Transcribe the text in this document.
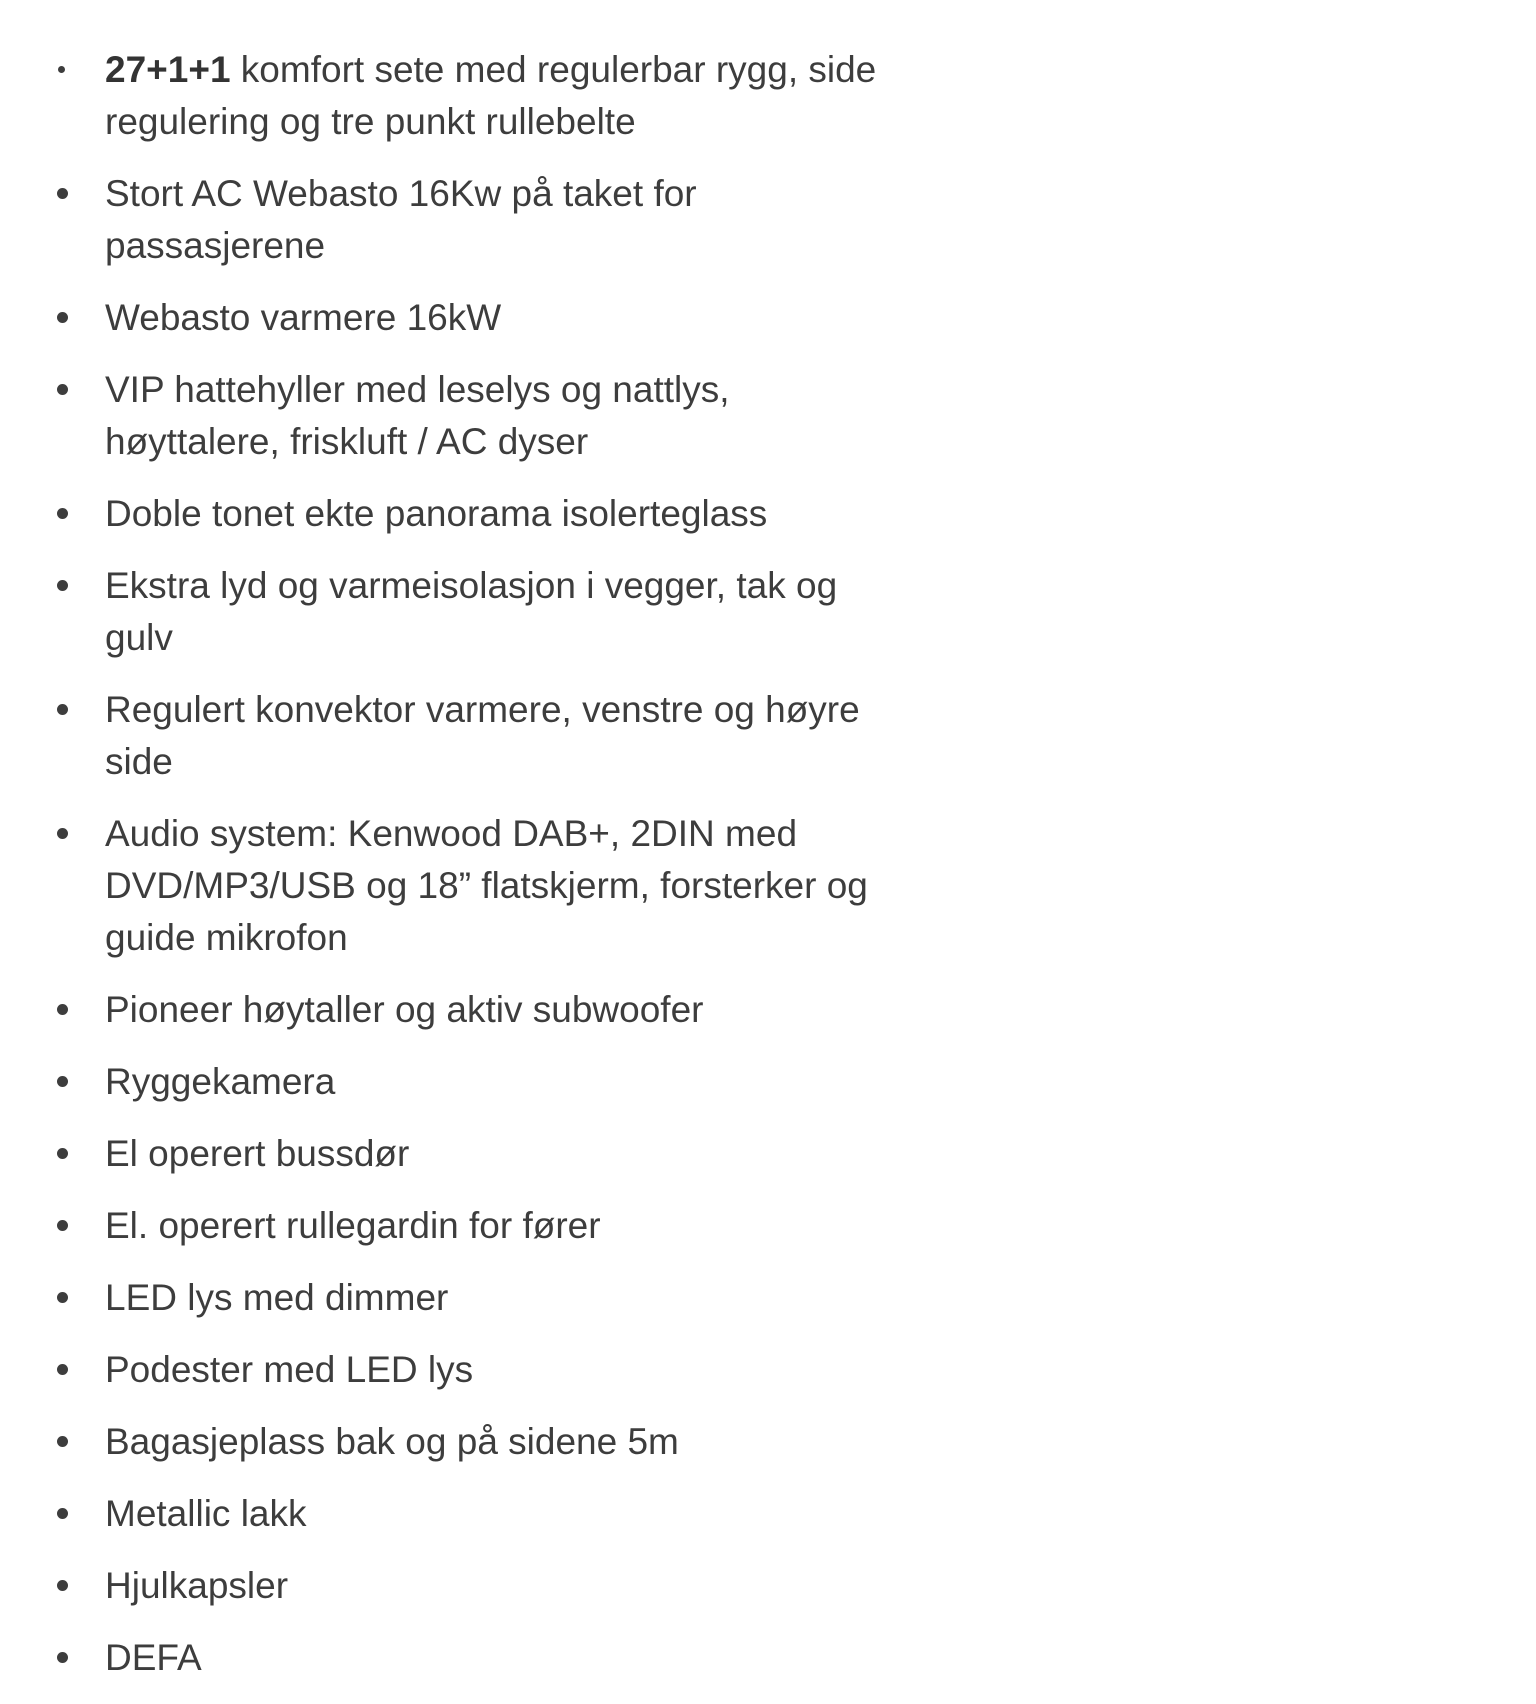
27+1+1 komfort sete med regulerbar rygg, side regulering og tre punkt rullebelte
Stort AC Webasto 16Kw på taket for passasjerene
Webasto varmere 16kW
VIP hattehyller med leselys og nattlys, høyttalere, friskluft / AC dyser
Doble tonet ekte panorama isolerteglass
Ekstra lyd og varmeisolasjon i vegger, tak og gulv
Regulert konvektor varmere, venstre og høyre side
Audio system: Kenwood DAB+, 2DIN med DVD/MP3/USB og 18” flatskjerm, forsterker og guide mikrofon
Pioneer høytaller og aktiv subwoofer
Ryggekamera
El operert bussdør
El. operert rullegardin for fører
LED lys med dimmer
Podester med LED lys
Bagasjeplass bak og på sidene 5m
Metallic lakk
Hjulkapsler
DEFA
